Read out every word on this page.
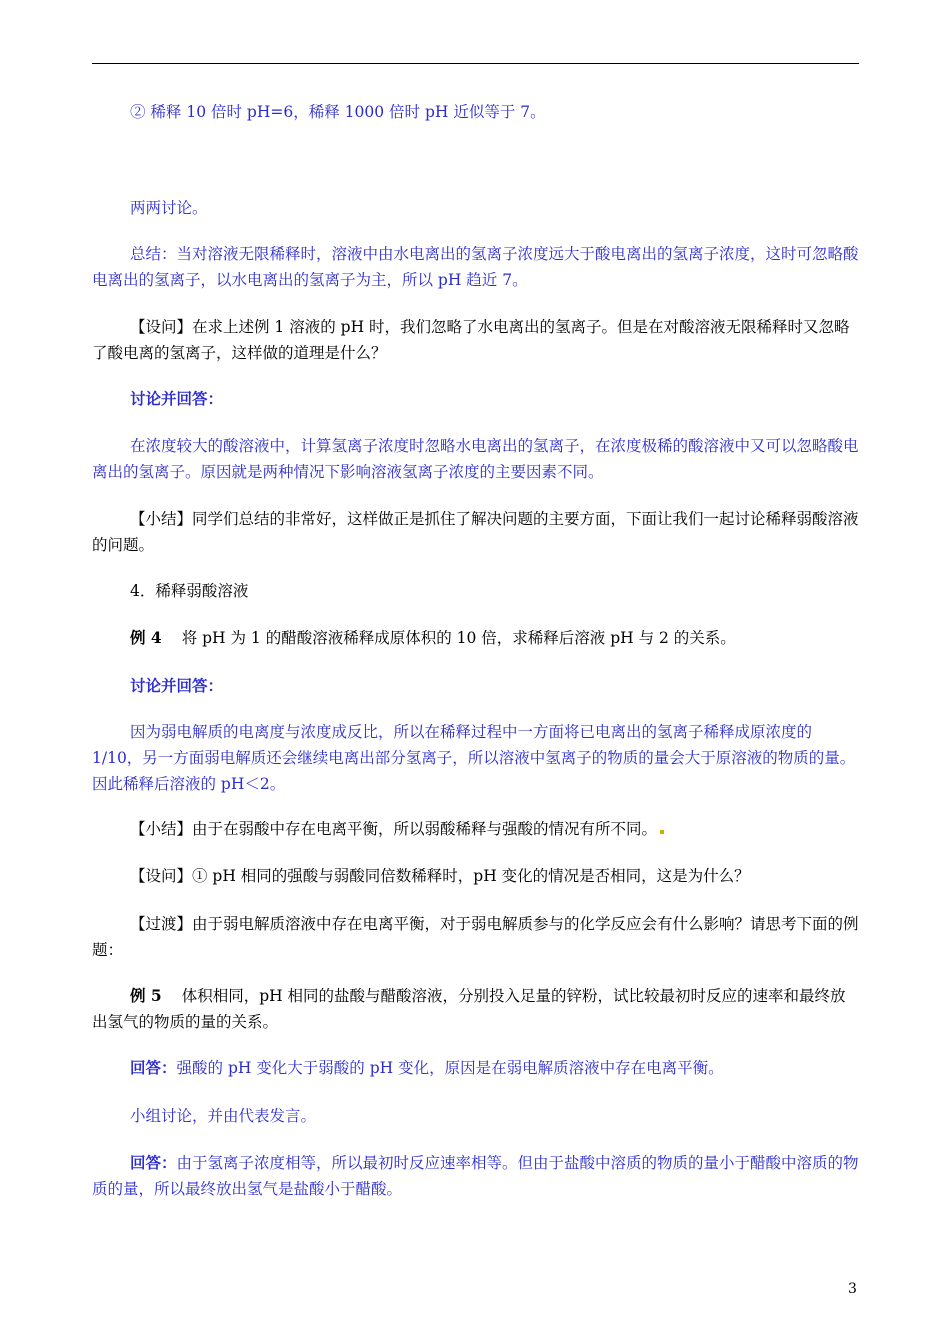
② 稀释 10 倍时 pH=6，稀释 1000 倍时 pH 近似等于 7。

两两讨论。

总结：当对溶液无限稀释时，溶液中由水电离出的氢离子浓度远大于酸电离出的氢离子浓度，这时可忽略酸电离出的氢离子，以水电离出的氢离子为主，所以 pH 趋近 7。

【设问】在求上述例 1 溶液的 pH 时，我们忽略了水电离出的氢离子。但是在对酸溶液无限稀释时又忽略了酸电离的氢离子，这样做的道理是什么？

讨论并回答：

在浓度较大的酸溶液中，计算氢离子浓度时忽略水电离出的氢离子，在浓度极稀的酸溶液中又可以忽略酸电离出的氢离子。原因就是两种情况下影响溶液氢离子浓度的主要因素不同。

【小结】同学们总结的非常好，这样做正是抓住了解决问题的主要方面，下面让我们一起讨论稀释弱酸溶液的问题。

4．稀释弱酸溶液

例 4 将 pH 为 1 的醋酸溶液稀释成原体积的 10 倍，求稀释后溶液 pH 与 2 的关系。

讨论并回答：

因为弱电解质的电离度与浓度成反比，所以在稀释过程中一方面将已电离出的氢离子稀释成原浓度的 1/10，另一方面弱电解质还会继续电离出部分氢离子，所以溶液中氢离子的物质的量会大于原溶液的物质的量。因此稀释后溶液的 pH＜2。

【小结】由于在弱酸中存在电离平衡，所以弱酸稀释与强酸的情况有所不同。

【设问】① pH 相同的强酸与弱酸同倍数稀释时，pH 变化的情况是否相同，这是为什么？

【过渡】由于弱电解质溶液中存在电离平衡，对于弱电解质参与的化学反应会有什么影响？请思考下面的例题：

例 5 体积相同，pH 相同的盐酸与醋酸溶液，分别投入足量的锌粉，试比较最初时反应的速率和最终放出氢气的物质的量的关系。

回答：强酸的 pH 变化大于弱酸的 pH 变化，原因是在弱电解质溶液中存在电离平衡。

小组讨论，并由代表发言。

回答：由于氢离子浓度相等，所以最初时反应速率相等。但由于盐酸中溶质的物质的量小于醋酸中溶质的物质的量，所以最终放出氢气是盐酸小于醋酸。

3
